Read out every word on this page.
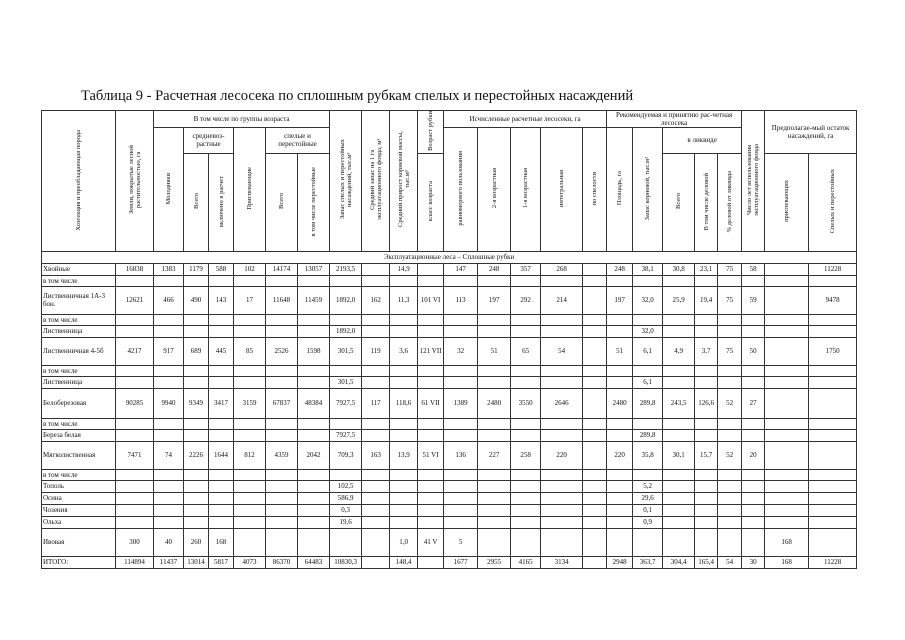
Таблица 9 - Расчетная лесосека по сплошным рубкам спелых и перестойных насаждений
Хозсекция и преобладающая порода	Земли, покрытые лесной растительностью, га	В том числе по группы возраста						Запас спелых и перестойных насаждений, тыс.м³	Средний запас на 1 га эксплуатационного фонда, м³	Средний прирост корневой массы, тыс.м³	Возраст рубки	Исчисленные расчетные лесосеки, га					Рекомендуемая и принятию рас-четная лесосека					Число лет использования эксплуатационного фонда	Предполагае-мый остаток насаждений, га	
		Молодняки	средневоз-растные		Приспевающие	спелые и перестойные						равномерного пользования	2-я возрастная	1-я возрастная	интегральная	по спелости	Площадь, га	Запас корневой, тыс.м³	в ликвиде					
			Всего	включено в расчет		Всего	в том числе перестойные				класс возраста								Всего	В том числе деловой	% деловой от ликвида		приспевающих	Спелых и перестойных

Эксплуатационные леса – Сплошные рубки																								
Хвойные	16838	1383	1179	588	102	14174	13057	2193,5		14,9		147	248	357	268		248	38,1	30,8	23,1	75	58		11228
в том числе																								
Лиственничная 1А-3 бон.	12621	466	490	143	17	11648	11459	1892,0	162	11,3	101 VI	113	197	292	214		197	32,0	25,9	19,4	75	59		9478
в том числе																								
Лиственница								1892,0										32,0						
Лиственничная 4-5б	4217	917	689	445	85	2526	1598	301,5	119	3,6	121 VII	32	51	65	54		51	6,1	4,9	3,7	75	50		1750
в том числе																								
Лиственница								301,5										6,1						
Белоберезовая	90285	9940	9349	3417	3159	67837	48384	7927,5	117	118,6	61 VII	1389	2480	3550	2646		2480	289,8	243,5	126,6	52	27		
в том числе																								
Береза белая								7927,5										289,8						
Мягколиственная	7471	74	2226	1644	812	4359	2042	709,3	163	13,9	51 VI	136	227	258	220		220	35,8	30,1	15,7	52	20		
в том числе																								
Тополь								102,5										5,2						
Осина								586,9										29,6						
Чозения								0,3										0,1						
Ольха								19,6										0,9						
Ивовая	300	40	260	168						1,0	41 V	5											168	
ИТОГО:	114894	11437	13014	5817	4073	86370	64483	10830,3		148,4		1677	2955	4165	3134		2948	363,7	304,4	165,4	54	30	168	11228
